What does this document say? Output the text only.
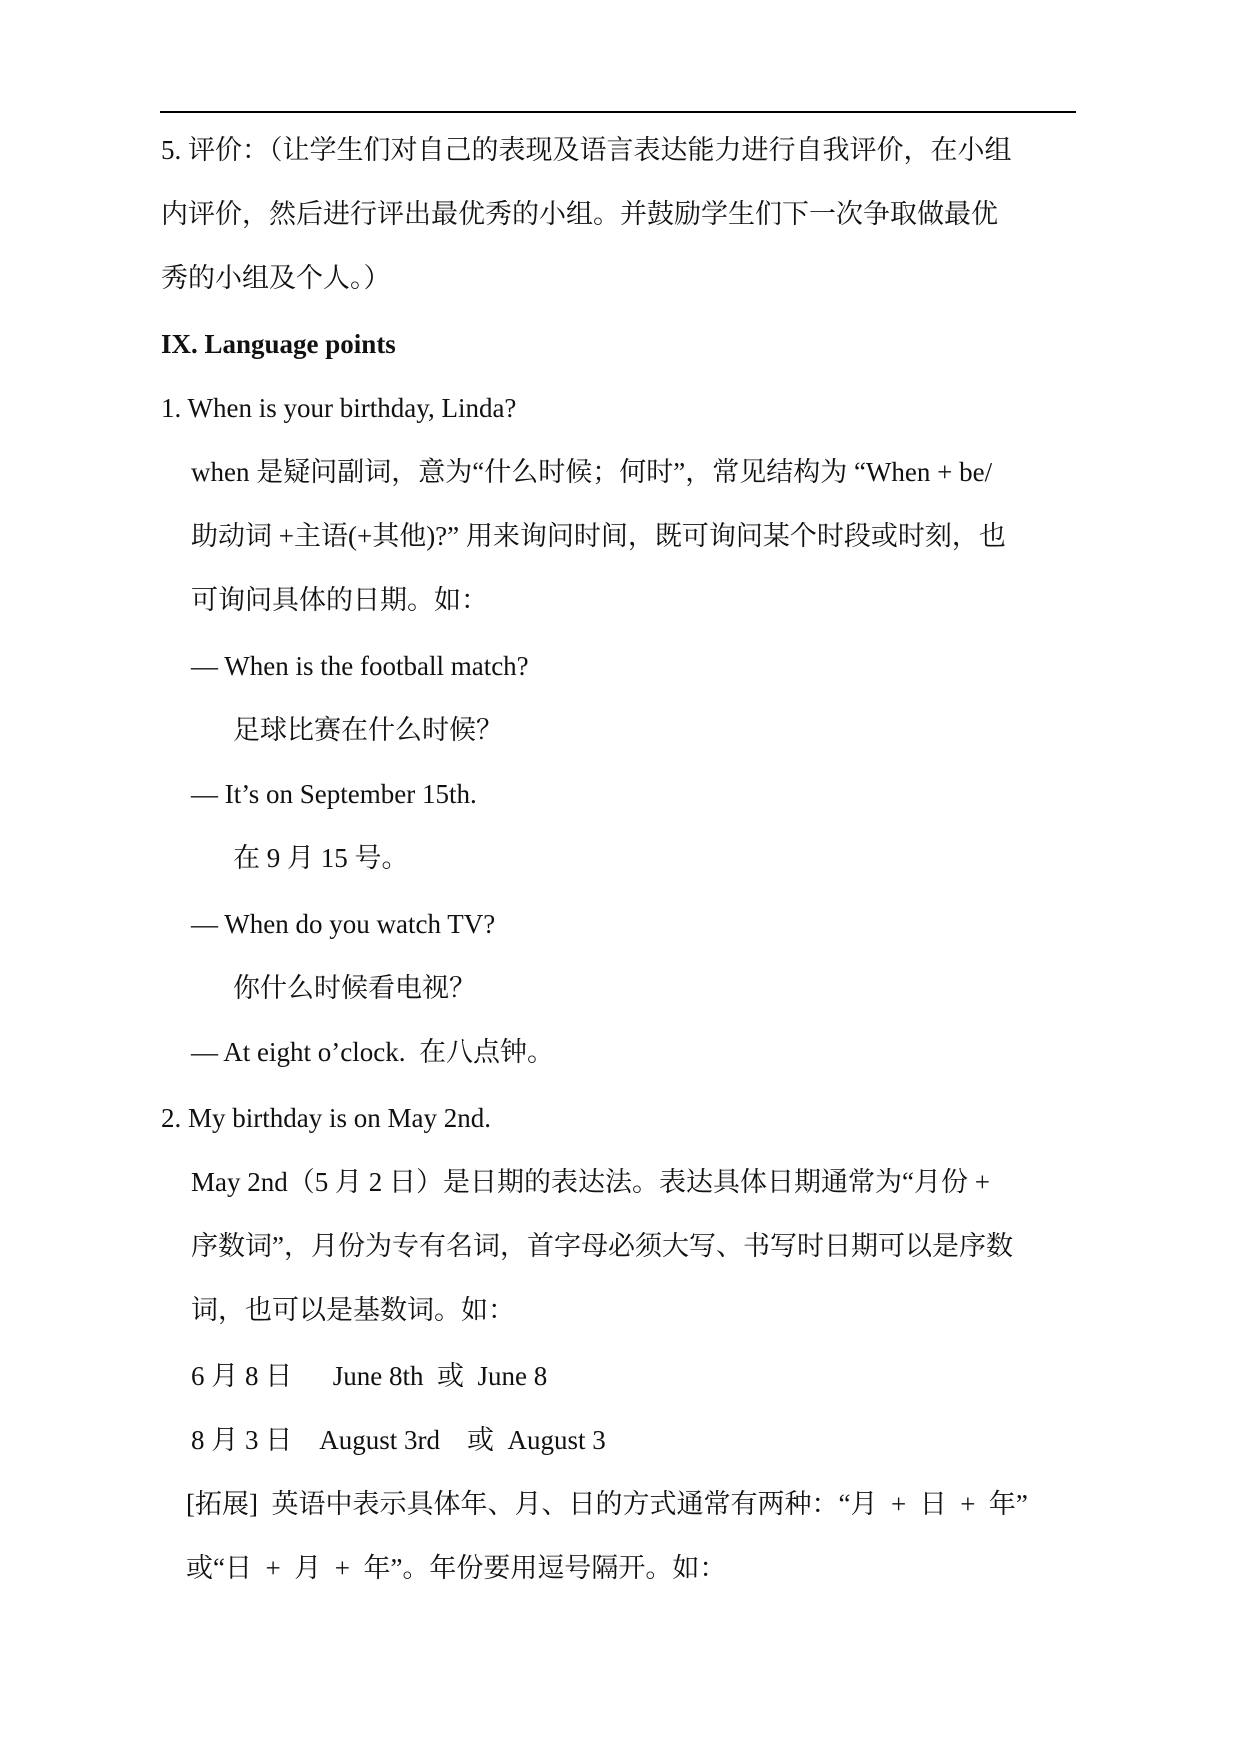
5. 评价：（让学生们对自己的表现及语言表达能力进行自我评价，在小组
内评价，然后进行评出最优秀的小组。并鼓励学生们下一次争取做最优
秀的小组及个人。）
IX. Language points
1. When is your birthday, Linda?
when 是疑问副词，意为“什么时候；何时”，常见结构为 “When + be/
助动词 +主语(+其他)?” 用来询问时间，既可询问某个时段或时刻，也
可询问具体的日期。如：
— When is the football match?
足球比赛在什么时候？
— It’s on September 15th.
在 9 月 15 号。
— When do you watch TV?
你什么时候看电视？
— At eight o’clock.  在八点钟。
2. My birthday is on May 2nd.
May 2nd（5 月 2 日）是日期的表达法。表达具体日期通常为“月份 +
序数词”，月份为专有名词，首字母必须大写、书写时日期可以是序数
词，也可以是基数词。如：
6 月 8 日      June 8th  或  June 8
8 月 3 日    August 3rd    或  August 3
[拓展]  英语中表示具体年、月、日的方式通常有两种：“月  +  日  +  年”
或“日  +  月  +  年”。年份要用逗号隔开。如：
